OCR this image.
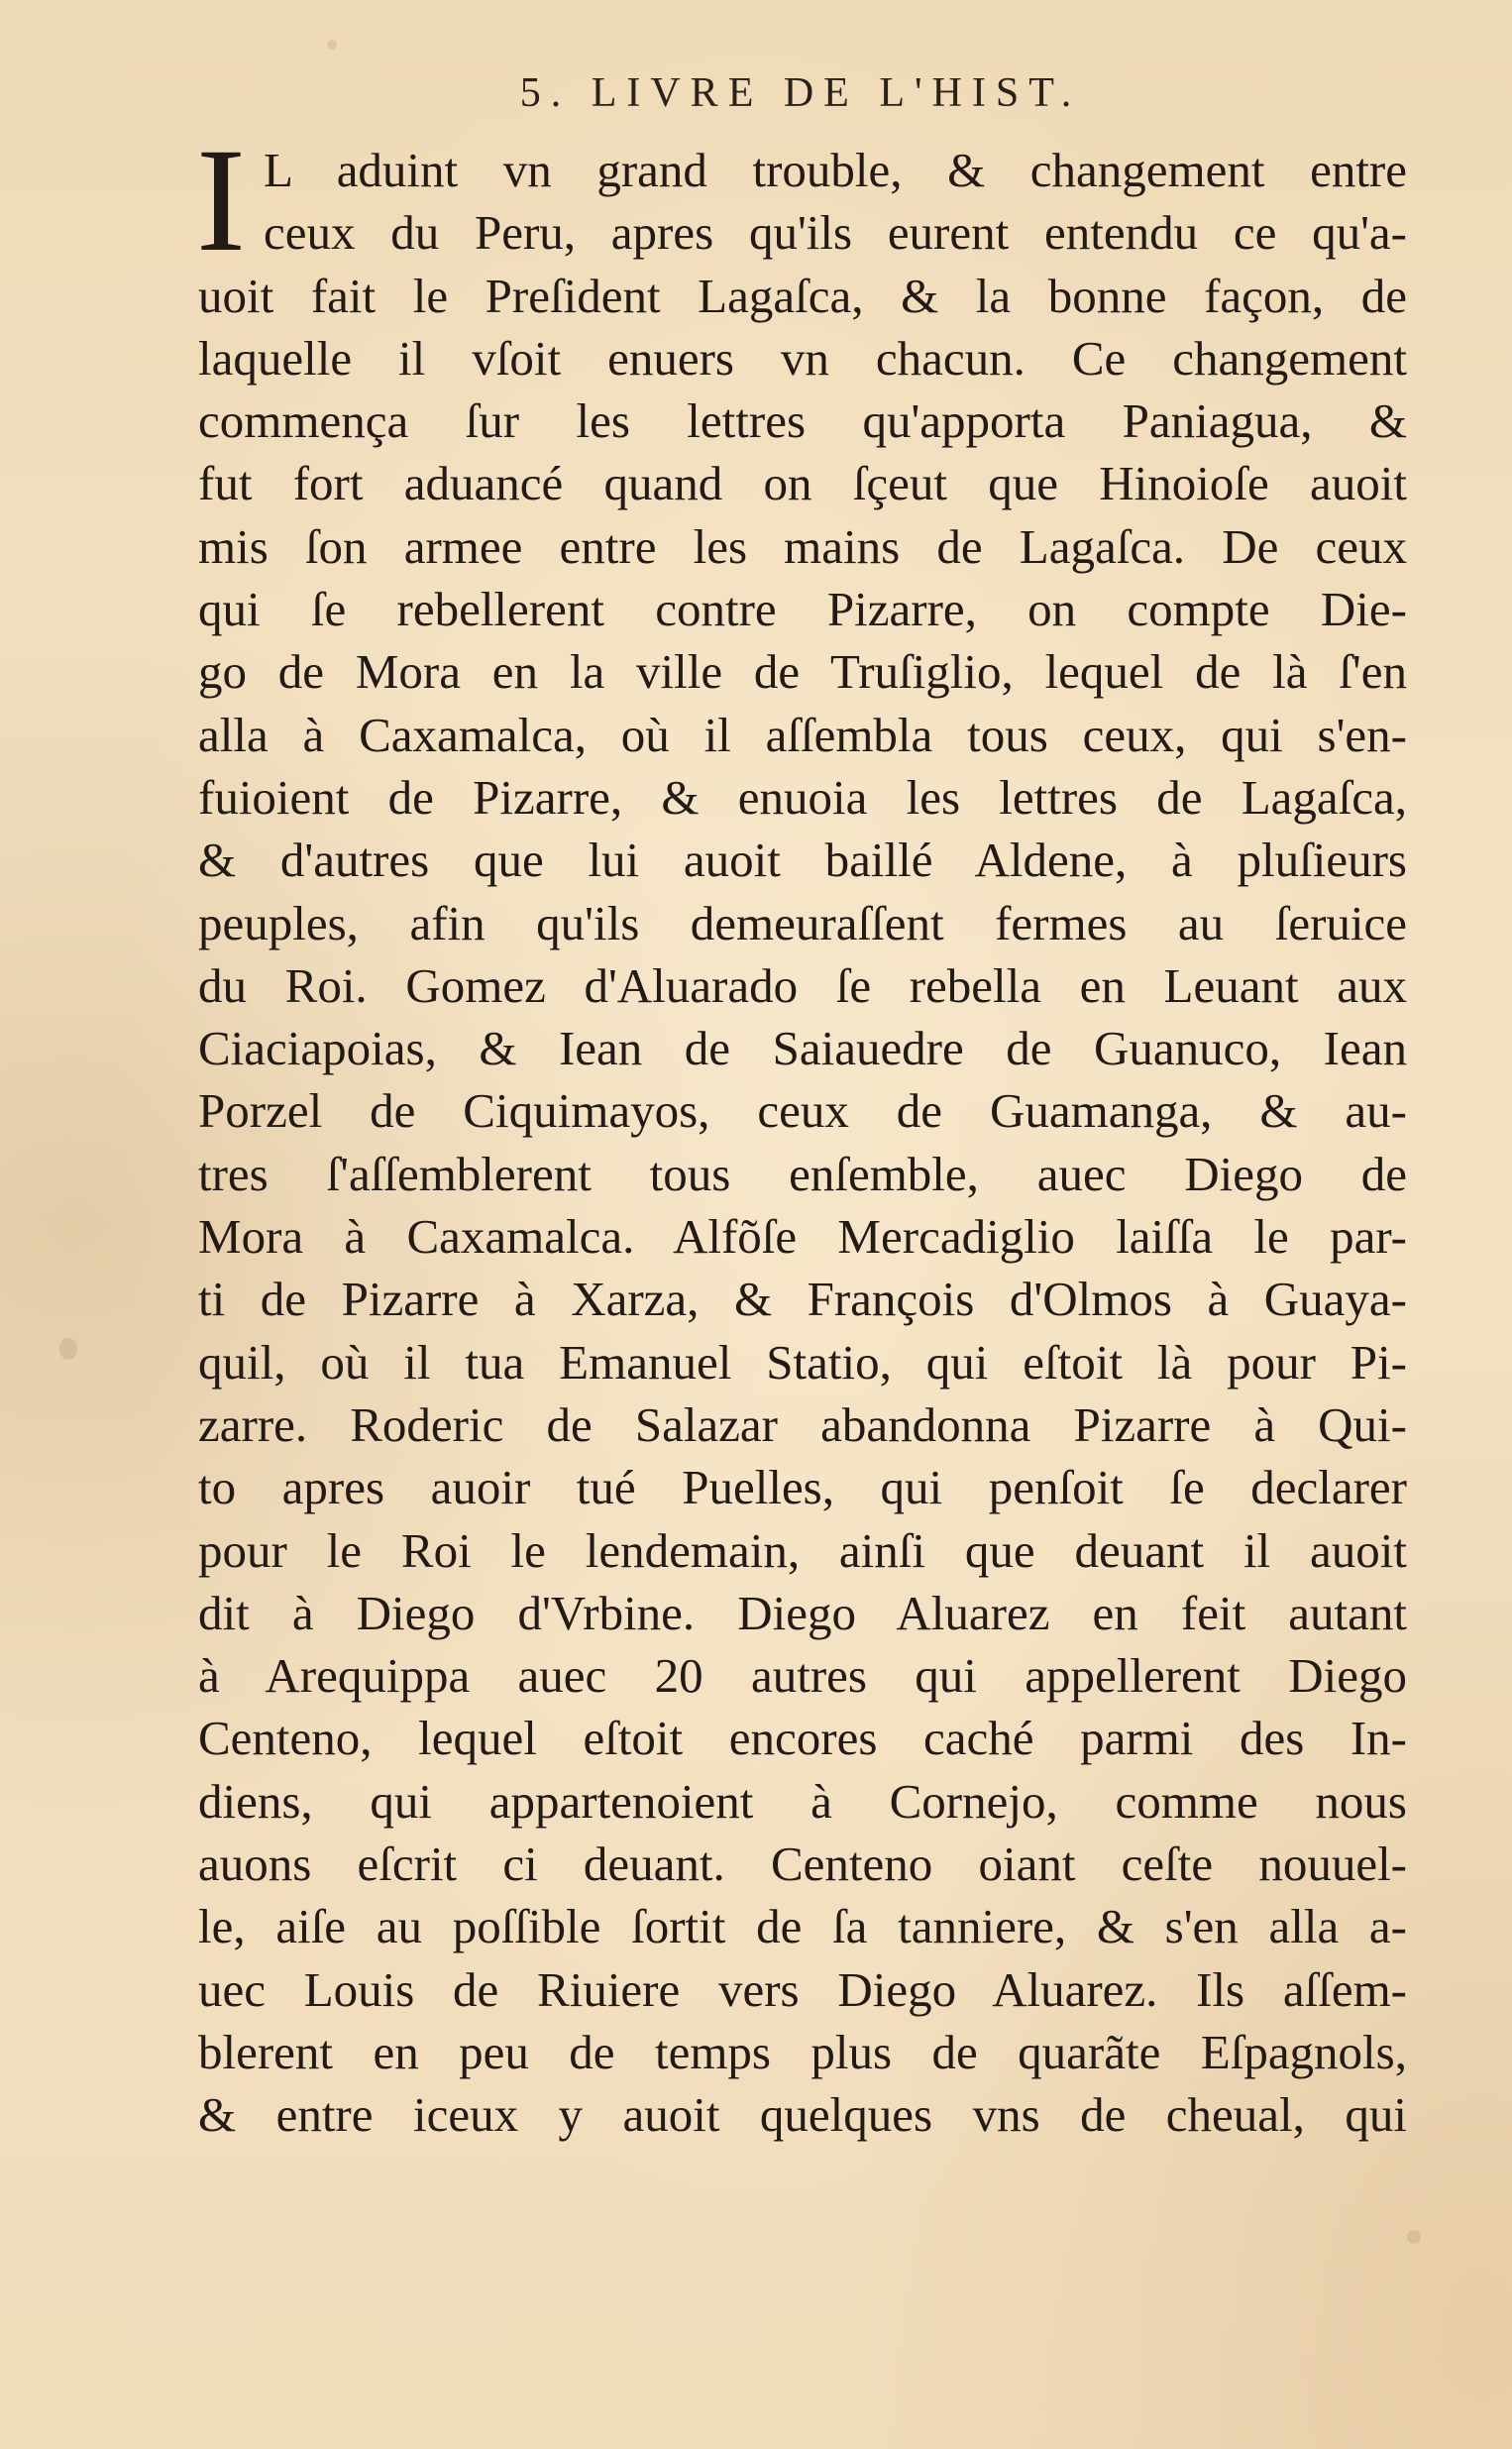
5. LIVRE DE L'HIST.
I L aduint vn grand trouble, & changement entre
ceux du Peru, apres qu'ils eurent entendu ce qu'a-
uoit fait le Preſident Lagaſca, & la bonne façon, de
laquelle il vſoit enuers vn chacun. Ce changement
commença ſur les lettres qu'apporta Paniagua, &
fut fort aduancé quand on ſçeut que Hinoioſe auoit
mis ſon armee entre les mains de Lagaſca. De ceux
qui ſe rebellerent contre Pizarre, on compte Die-
go de Mora en la ville de Truſiglio, lequel de là ſ'en
alla à Caxamalca, où il aſſembla tous ceux, qui s'en-
fuioient de Pizarre, & enuoia les lettres de Lagaſca,
& d'autres que lui auoit baillé Aldene, à pluſieurs
peuples, afin qu'ils demeuraſſent fermes au ſeruice
du Roi. Gomez d'Aluarado ſe rebella en Leuant aux
Ciaciapoias, & Iean de Saiauedre de Guanuco, Iean
Porzel de Ciquimayos, ceux de Guamanga, & au-
tres ſ'aſſemblerent tous enſemble, auec Diego de
Mora à Caxamalca. Alfõſe Mercadiglio laiſſa le par-
ti de Pizarre à Xarza, & François d'Olmos à Guaya-
quil, où il tua Emanuel Statio, qui eſtoit là pour Pi-
zarre. Roderic de Salazar abandonna Pizarre à Qui-
to apres auoir tué Puelles, qui penſoit ſe declarer
pour le Roi le lendemain, ainſi que deuant il auoit
dit à Diego d'Vrbine. Diego Aluarez en feit autant
à Arequippa auec 20 autres qui appellerent Diego
Centeno, lequel eſtoit encores caché parmi des In-
diens, qui appartenoient à Cornejo, comme nous
auons eſcrit ci deuant. Centeno oiant ceſte nouuel-
le, aiſe au poſſible ſortit de ſa tanniere, & s'en alla a-
uec Louis de Riuiere vers Diego Aluarez. Ils aſſem-
blerent en peu de temps plus de quarãte Eſpagnols,
& entre iceux y auoit quelques vns de cheual, qui
